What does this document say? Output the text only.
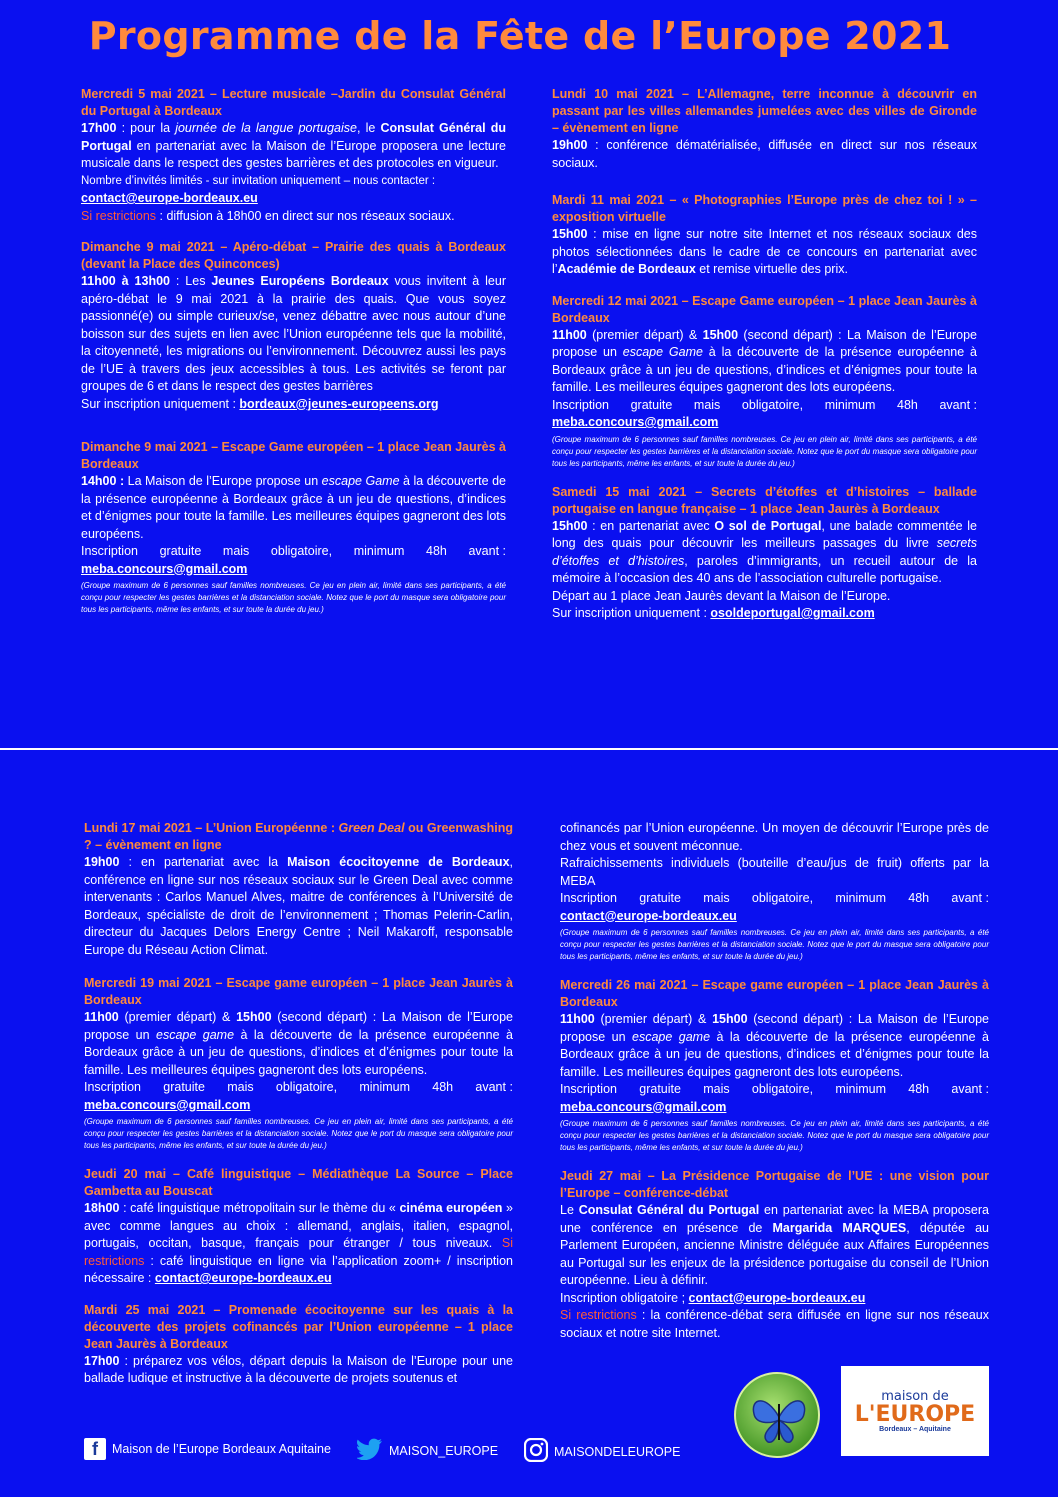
Programme de la Fête de l’Europe 2021
Mercredi 5 mai 2021 – Lecture musicale –Jardin du Consulat Général du Portugal à Bordeaux
17h00 : pour la journée de la langue portugaise, le Consulat Général du Portugal en partenariat avec la Maison de l’Europe proposera une lecture musicale dans le respect des gestes barrières et des protocoles en vigueur.
Nombre d’invités limités - sur invitation uniquement – nous contacter :
contact@europe-bordeaux.eu
Si restrictions : diffusion à 18h00 en direct sur nos réseaux sociaux.
Dimanche 9 mai 2021 – Apéro-débat – Prairie des quais à Bordeaux (devant la Place des Quinconces)
11h00 à 13h00 : Les Jeunes Européens Bordeaux vous invitent à leur apéro-débat le 9 mai 2021 à la prairie des quais. Que vous soyez passionné(e) ou simple curieux/se, venez débattre avec nous autour d’une boisson sur des sujets en lien avec l’Union européenne tels que la mobilité, la citoyenneté, les migrations ou l’environnement. Découvrez aussi les pays de l’UE à travers des jeux accessibles à tous. Les activités se feront par groupes de 6 et dans le respect des gestes barrières
Sur inscription uniquement : bordeaux@jeunes-europeens.org
Dimanche 9 mai 2021 – Escape Game européen – 1 place Jean Jaurès à Bordeaux
14h00 : La Maison de l’Europe propose un escape Game à la découverte de la présence européenne à Bordeaux grâce à un jeu de questions, d’indices et d’énigmes pour toute la famille. Les meilleures équipes gagneront des lots européens.
Inscription gratuite mais obligatoire, minimum 48h avant :
meba.concours@gmail.com
(Groupe maximum de 6 personnes sauf familles nombreuses. Ce jeu en plein air, limité dans ses participants, a été conçu pour respecter les gestes barrières et la distanciation sociale. Notez que le port du masque sera obligatoire pour tous les participants, même les enfants, et sur toute la durée du jeu.)
Lundi 10 mai 2021 – L’Allemagne, terre inconnue à découvrir en passant par les villes allemandes jumelées avec des villes de Gironde – évènement en ligne
19h00 : conférence dématérialisée, diffusée en direct sur nos réseaux sociaux.
Mardi 11 mai 2021 – « Photographies l’Europe près de chez toi ! » – exposition virtuelle
15h00 : mise en ligne sur notre site Internet et nos réseaux sociaux des photos sélectionnées dans le cadre de ce concours en partenariat avec l’Académie de Bordeaux et remise virtuelle des prix.
Mercredi 12 mai 2021 – Escape Game européen – 1 place Jean Jaurès à Bordeaux
11h00 (premier départ) & 15h00 (second départ) : La Maison de l’Europe propose un escape Game à la découverte de la présence européenne à Bordeaux grâce à un jeu de questions, d’indices et d’énigmes pour toute la famille. Les meilleures équipes gagneront des lots européens.
Inscription gratuite mais obligatoire, minimum 48h avant :
meba.concours@gmail.com
(Groupe maximum de 6 personnes sauf familles nombreuses. Ce jeu en plein air, limité dans ses participants, a été conçu pour respecter les gestes barrières et la distanciation sociale. Notez que le port du masque sera obligatoire pour tous les participants, même les enfants, et sur toute la durée du jeu.)
Samedi 15 mai 2021 – Secrets d’étoffes et d’histoires – ballade portugaise en langue française – 1 place Jean Jaurès à Bordeaux
15h00 : en partenariat avec O sol de Portugal, une balade commentée le long des quais pour découvrir les meilleurs passages du livre secrets d’étoffes et d’histoires, paroles d’immigrants, un recueil autour de la mémoire à l’occasion des 40 ans de l’association culturelle portugaise.
Départ au 1 place Jean Jaurès devant la Maison de l’Europe.
Sur inscription uniquement : osoldeportugal@gmail.com
Lundi 17 mai 2021 – L’Union Européenne : Green Deal ou Greenwashing ? – évènement en ligne
19h00 : en partenariat avec la Maison écocitoyenne de Bordeaux, conférence en ligne sur nos réseaux sociaux sur le Green Deal avec comme intervenants : Carlos Manuel Alves, maitre de conférences à l’Université de Bordeaux, spécialiste de droit de l’environnement ; Thomas Pelerin-Carlin, directeur du Jacques Delors Energy Centre ; Neil Makaroff, responsable Europe du Réseau Action Climat.
Mercredi 19 mai 2021 – Escape game européen – 1 place Jean Jaurès à Bordeaux
11h00 (premier départ) & 15h00 (second départ) : La Maison de l’Europe propose un escape game à la découverte de la présence européenne à Bordeaux grâce à un jeu de questions, d’indices et d’énigmes pour toute la famille. Les meilleures équipes gagneront des lots européens.
Inscription gratuite mais obligatoire, minimum 48h avant :
meba.concours@gmail.com
(Groupe maximum de 6 personnes sauf familles nombreuses. Ce jeu en plein air, limité dans ses participants, a été conçu pour respecter les gestes barrières et la distanciation sociale. Notez que le port du masque sera obligatoire pour tous les participants, même les enfants, et sur toute la durée du jeu.)
Jeudi 20 mai – Café linguistique – Médiathèque La Source – Place Gambetta au Bouscat
18h00 : café linguistique métropolitain sur le thème du « cinéma européen » avec comme langues au choix : allemand, anglais, italien, espagnol, portugais, occitan, basque, français pour étranger / tous niveaux. Si restrictions : café linguistique en ligne via l’application zoom+ / inscription nécessaire : contact@europe-bordeaux.eu
Mardi 25 mai 2021 – Promenade écocitoyenne sur les quais à la découverte des projets cofinancés par l’Union européenne – 1 place Jean Jaurès à Bordeaux
17h00 : préparez vos vélos, départ depuis la Maison de l’Europe pour une ballade ludique et instructive à la découverte de projets soutenus et
cofinancés par l’Union européenne. Un moyen de découvrir l’Europe près de chez vous et souvent méconnue.
Rafraichissements individuels (bouteille d’eau/jus de fruit) offerts par la MEBA
Inscription gratuite mais obligatoire, minimum 48h avant :
contact@europe-bordeaux.eu
(Groupe maximum de 6 personnes sauf familles nombreuses. Ce jeu en plein air, limité dans ses participants, a été conçu pour respecter les gestes barrières et la distanciation sociale. Notez que le port du masque sera obligatoire pour tous les participants, même les enfants, et sur toute la durée du jeu.)
Mercredi 26 mai 2021 – Escape game européen – 1 place Jean Jaurès à Bordeaux
11h00 (premier départ) & 15h00 (second départ) : La Maison de l’Europe propose un escape game à la découverte de la présence européenne à Bordeaux grâce à un jeu de questions, d’indices et d’énigmes pour toute la famille. Les meilleures équipes gagneront des lots européens.
Inscription gratuite mais obligatoire, minimum 48h avant :
meba.concours@gmail.com
(Groupe maximum de 6 personnes sauf familles nombreuses. Ce jeu en plein air, limité dans ses participants, a été conçu pour respecter les gestes barrières et la distanciation sociale. Notez que le port du masque sera obligatoire pour tous les participants, même les enfants, et sur toute la durée du jeu.)
Jeudi 27 mai – La Présidence Portugaise de l’UE : une vision pour l’Europe – conférence-débat
Le Consulat Général du Portugal en partenariat avec la MEBA proposera une conférence en présence de Margarida MARQUES, députée au Parlement Européen, ancienne Ministre déléguée aux Affaires Européennes au Portugal sur les enjeux de la présidence portugaise du conseil de l’Union européenne. Lieu à définir.
Inscription obligatoire ; contact@europe-bordeaux.eu
Si restrictions : la conférence-débat sera diffusée en ligne sur nos réseaux sociaux et notre site Internet.
maison de
L'EUROPE
Bordeaux – Aquitaine
f	Maison de l’Europe Bordeaux Aquitaine	MAISON_EUROPE	MAISONDELEUROPE
